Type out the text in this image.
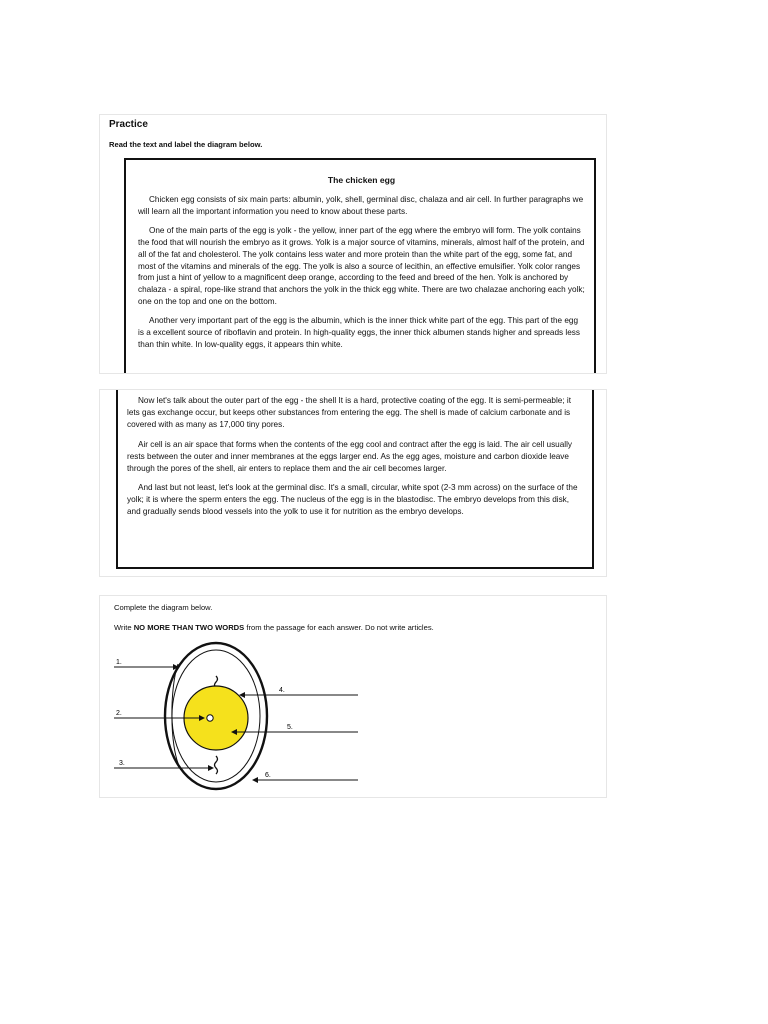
Practice
Read the text and label the diagram below.
The chicken egg

Chicken egg consists of six main parts: albumin, yolk, shell, germinal disc, chalaza and air cell. In further paragraphs we will learn all the important information you need to know about these parts.

One of the main parts of the egg is yolk - the yellow, inner part of the egg where the embryo will form. The yolk contains the food that will nourish the embryo as it grows. Yolk is a major source of vitamins, minerals, almost half of the protein, and all of the fat and cholesterol. The yolk contains less water and more protein than the white part of the egg, some fat, and most of the vitamins and minerals of the egg. The yolk is also a source of lecithin, an effective emulsifier. Yolk color ranges from just a hint of yellow to a magnificent deep orange, according to the feed and breed of the hen. Yolk is anchored by chalaza - a spiral, rope-like strand that anchors the yolk in the thick egg white. There are two chalazae anchoring each yolk; one on the top and one on the bottom.

Another very important part of the egg is the albumin, which is the inner thick white part of the egg. This part of the egg is a excellent source of riboflavin and protein. In high-quality eggs, the inner thick albumen stands higher and spreads less than thin white. In low-quality eggs, it appears thin white.

Now let's talk about the outer part of the egg - the shell It is a hard, protective coating of the egg. It is semi-permeable; it lets gas exchange occur, but keeps other substances from entering the egg. The shell is made of calcium carbonate and is covered with as many as 17,000 tiny pores.

Air cell is an air space that forms when the contents of the egg cool and contract after the egg is laid. The air cell usually rests between the outer and inner membranes at the eggs larger end. As the egg ages, moisture and carbon dioxide leave through the pores of the shell, air enters to replace them and the air cell becomes larger.

And last but not least, let's look at the germinal disc. It's a small, circular, white spot (2-3 mm across) on the surface of the yolk; it is where the sperm enters the egg. The nucleus of the egg is in the blastodisc. The embryo develops from this disk, and gradually sends blood vessels into the yolk to use it for nutrition as the embryo develops.

Complete the diagram below.
Write NO MORE THAN TWO WORDS from the passage for each answer. Do not write articles.
1.
2.
3.
4.
5.
6.
